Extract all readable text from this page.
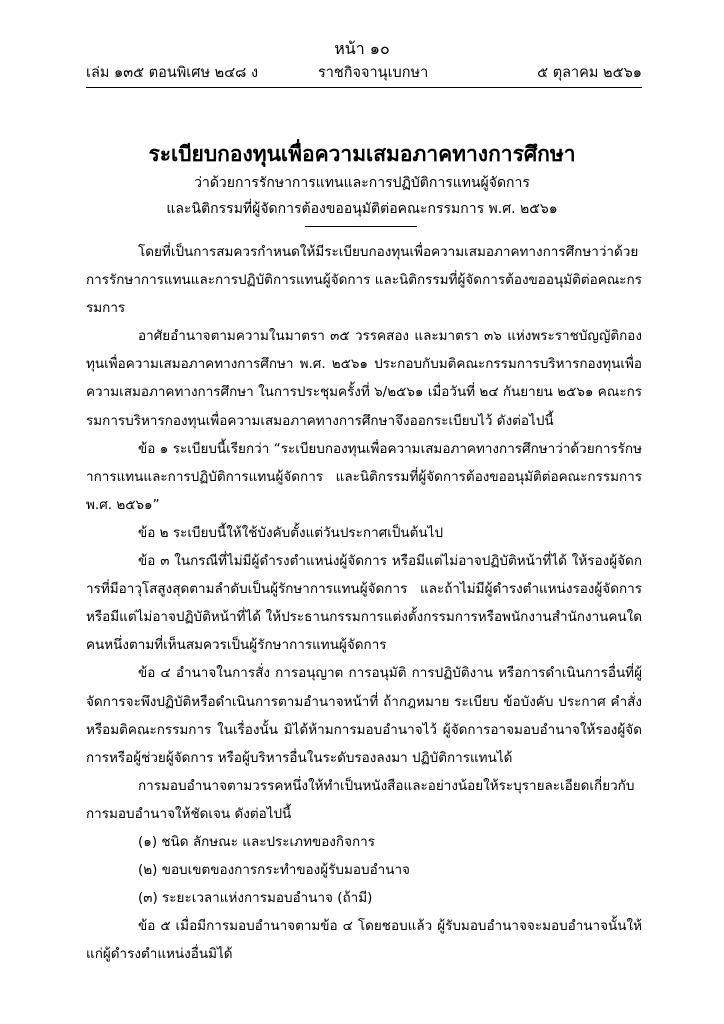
หน้า ๑๐
เล่ม ๑๓๕ ตอนพิเศษ ๒๔๘ ง	ราชกิจจานุเบกษา	๕ ตุลาคม ๒๕๖๑
ระเบียบกองทุนเพื่อความเสมอภาคทางการศึกษา
ว่าด้วยการรักษาการแทนและการปฏิบัติการแทนผู้จัดการ
และนิติกรรมที่ผู้จัดการต้องขออนุมัติต่อคณะกรรมการ พ.ศ. ๒๕๖๑

โดยที่เป็นการสมควรกำหนดให้มีระเบียบกองทุนเพื่อความเสมอภาคทางการศึกษาว่าด้วยการรักษาการแทนและการปฏิบัติการแทนผู้จัดการ และนิติกรรมที่ผู้จัดการต้องขออนุมัติต่อคณะกรรมการ

อาศัยอำนาจตามความในมาตรา ๓๕ วรรคสอง และมาตรา ๓๖ แห่งพระราชบัญญัติกองทุนเพื่อความเสมอภาคทางการศึกษา พ.ศ. ๒๕๖๑ ประกอบกับมติคณะกรรมการบริหารกองทุนเพื่อความเสมอภาคทางการศึกษา ในการประชุมครั้งที่ ๖/๒๕๖๑ เมื่อวันที่ ๒๔ กันยายน ๒๕๖๑ คณะกรรมการบริหารกองทุนเพื่อความเสมอภาคทางการศึกษาจึงออกระเบียบไว้ ดังต่อไปนี้

ข้อ ๑ ระเบียบนี้เรียกว่า “ระเบียบกองทุนเพื่อความเสมอภาคทางการศึกษาว่าด้วยการรักษาการแทนและการปฏิบัติการแทนผู้จัดการ และนิติกรรมที่ผู้จัดการต้องขออนุมัติต่อคณะกรรมการ พ.ศ. ๒๕๖๑”

ข้อ ๒ ระเบียบนี้ให้ใช้บังคับตั้งแต่วันประกาศเป็นต้นไป

ข้อ ๓ ในกรณีที่ไม่มีผู้ดำรงตำแหน่งผู้จัดการ หรือมีแต่ไม่อาจปฏิบัติหน้าที่ได้ ให้รองผู้จัดการที่มีอาวุโสสูงสุดตามลำดับเป็นผู้รักษาการแทนผู้จัดการ และถ้าไม่มีผู้ดำรงตำแหน่งรองผู้จัดการหรือมีแต่ไม่อาจปฏิบัติหน้าที่ได้ ให้ประธานกรรมการแต่งตั้งกรรมการหรือพนักงานสำนักงานคนใดคนหนึ่งตามที่เห็นสมควรเป็นผู้รักษาการแทนผู้จัดการ

ข้อ ๔ อำนาจในการสั่ง การอนุญาต การอนุมัติ การปฏิบัติงาน หรือการดำเนินการอื่นที่ผู้จัดการจะพึงปฏิบัติหรือดำเนินการตามอำนาจหน้าที่ ถ้ากฎหมาย ระเบียบ ข้อบังคับ ประกาศ คำสั่ง หรือมติคณะกรรมการ ในเรื่องนั้น มิได้ห้ามการมอบอำนาจไว้ ผู้จัดการอาจมอบอำนาจให้รองผู้จัดการหรือผู้ช่วยผู้จัดการ หรือผู้บริหารอื่นในระดับรองลงมา ปฏิบัติการแทนได้

การมอบอำนาจตามวรรคหนึ่งให้ทำเป็นหนังสือและอย่างน้อยให้ระบุรายละเอียดเกี่ยวกับการมอบอำนาจให้ชัดเจน ดังต่อไปนี้

(๑) ชนิด ลักษณะ และประเภทของกิจการ

(๒) ขอบเขตของการกระทำของผู้รับมอบอำนาจ

(๓) ระยะเวลาแห่งการมอบอำนาจ (ถ้ามี)

ข้อ ๕ เมื่อมีการมอบอำนาจตามข้อ ๔ โดยชอบแล้ว ผู้รับมอบอำนาจจะมอบอำนาจนั้นให้แก่ผู้ดำรงตำแหน่งอื่นมิได้
